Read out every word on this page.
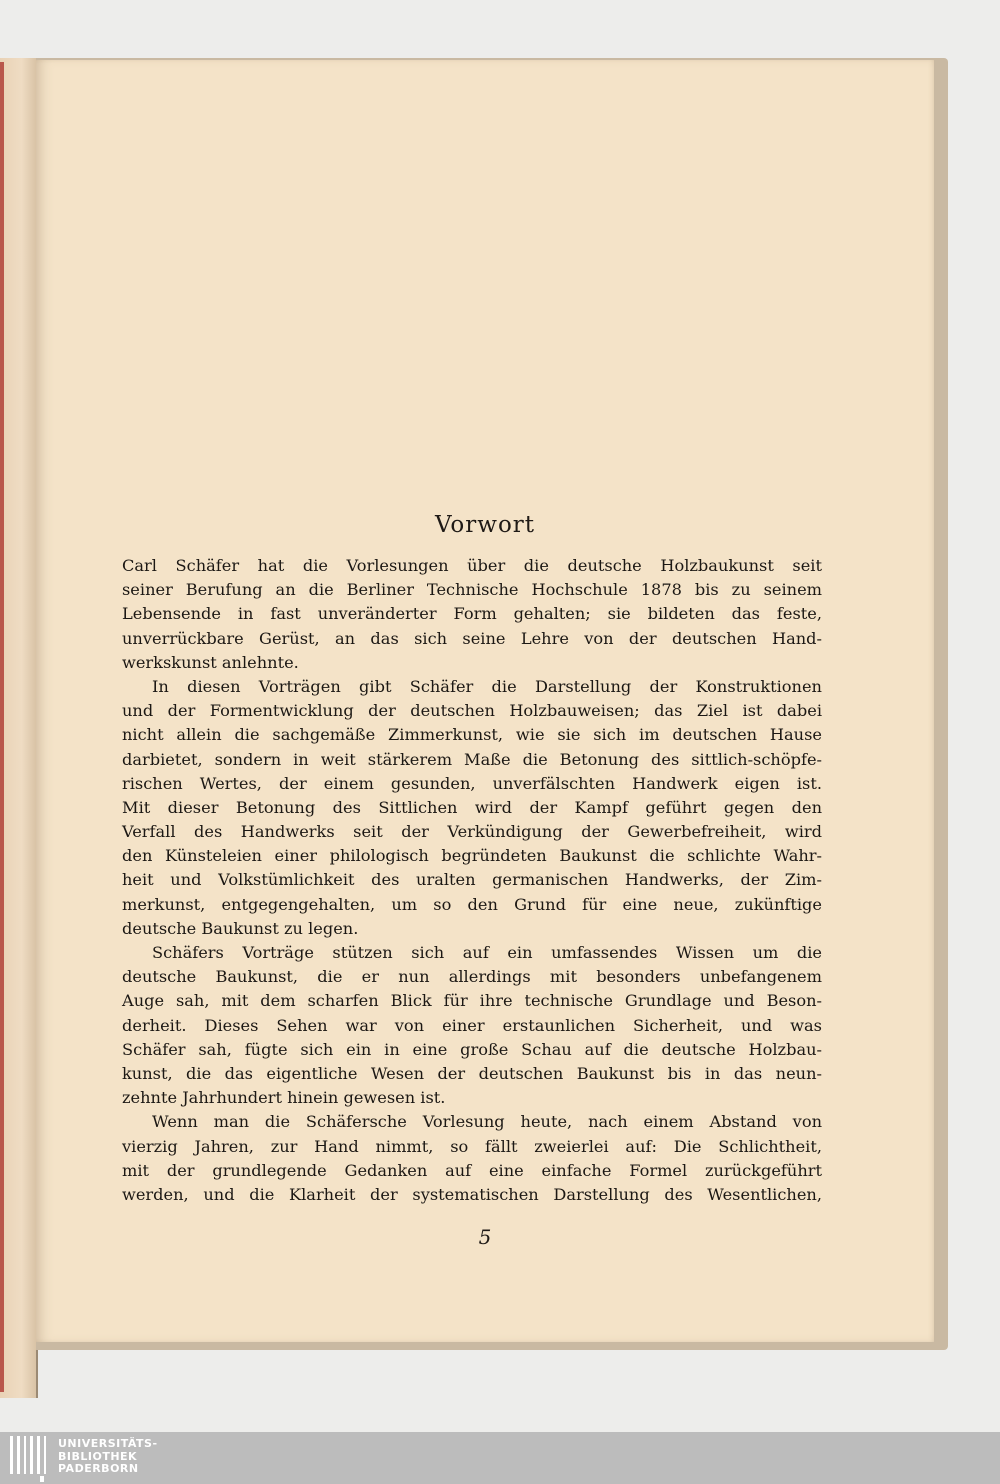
Vorwort
Carl Schäfer hat die Vorlesungen über die deutsche Holzbaukunst seit
seiner Berufung an die Berliner Technische Hochschule 1878 bis zu seinem
Lebensende in fast unveränderter Form gehalten; sie bildeten das feste,
unverrückbare Gerüst, an das sich seine Lehre von der deutschen Hand-
werkskunst anlehnte.
In diesen Vorträgen gibt Schäfer die Darstellung der Konstruktionen
und der Formentwicklung der deutschen Holzbauweisen; das Ziel ist dabei
nicht allein die sachgemäße Zimmerkunst, wie sie sich im deutschen Hause
darbietet, sondern in weit stärkerem Maße die Betonung des sittlich-schöpfe-
rischen Wertes, der einem gesunden, unverfälschten Handwerk eigen ist.
Mit dieser Betonung des Sittlichen wird der Kampf geführt gegen den
Verfall des Handwerks seit der Verkündigung der Gewerbefreiheit, wird
den Künsteleien einer philologisch begründeten Baukunst die schlichte Wahr-
heit und Volkstümlichkeit des uralten germanischen Handwerks, der Zim-
merkunst, entgegengehalten, um so den Grund für eine neue, zukünftige
deutsche Baukunst zu legen.
Schäfers Vorträge stützen sich auf ein umfassendes Wissen um die
deutsche Baukunst, die er nun allerdings mit besonders unbefangenem
Auge sah, mit dem scharfen Blick für ihre technische Grundlage und Beson-
derheit. Dieses Sehen war von einer erstaunlichen Sicherheit, und was
Schäfer sah, fügte sich ein in eine große Schau auf die deutsche Holzbau-
kunst, die das eigentliche Wesen der deutschen Baukunst bis in das neun-
zehnte Jahrhundert hinein gewesen ist.
Wenn man die Schäfersche Vorlesung heute, nach einem Abstand von
vierzig Jahren, zur Hand nimmt, so fällt zweierlei auf: Die Schlichtheit,
mit der grundlegende Gedanken auf eine einfache Formel zurückgeführt
werden, und die Klarheit der systematischen Darstellung des Wesentlichen,
5
UNIVERSITÄTS-
BIBLIOTHEK
PADERBORN
